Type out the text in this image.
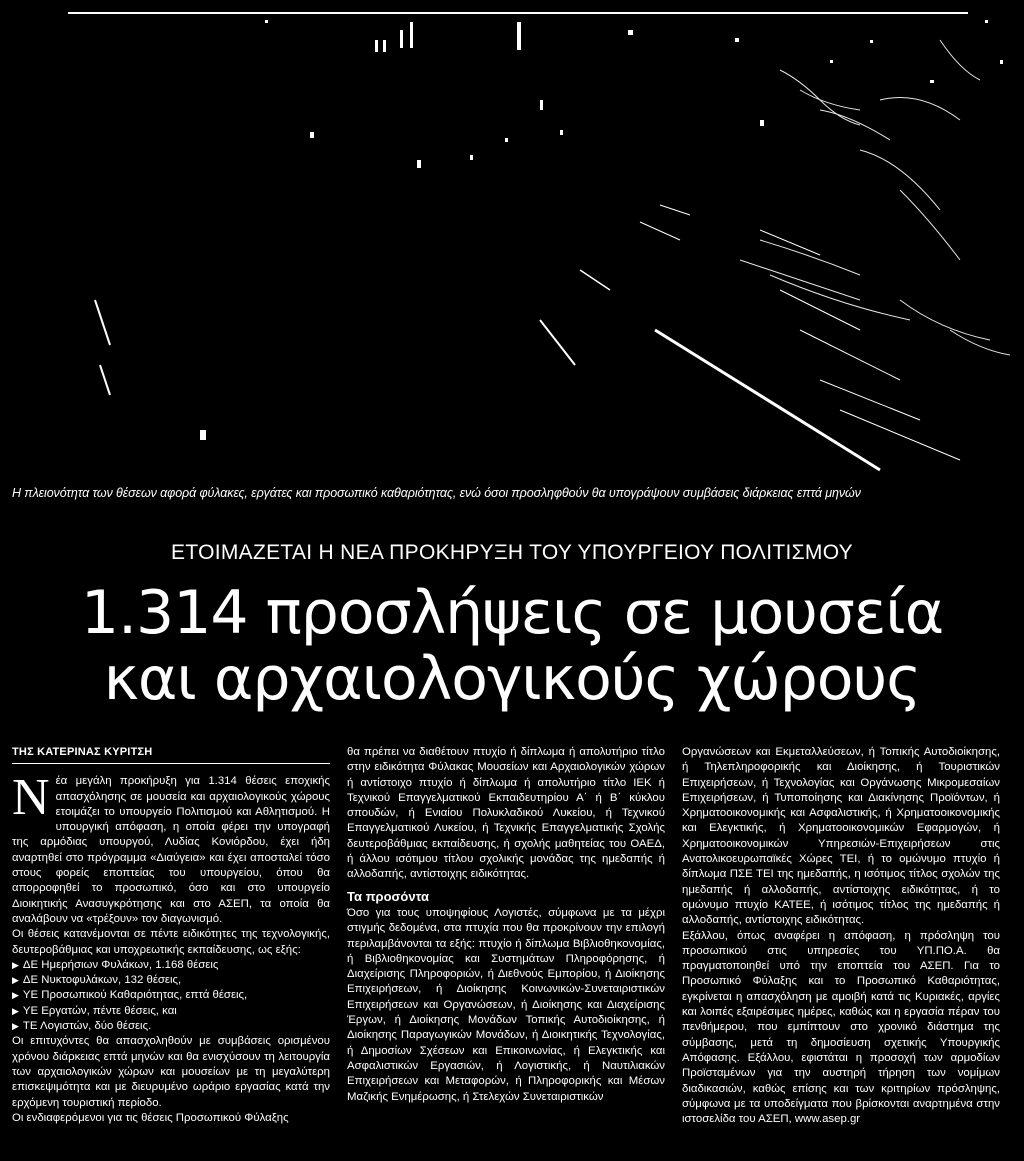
Η πλειονότητα των θέσεων αφορά φύλακες, εργάτες και προσωπικό καθαριότητας, ενώ όσοι προσληφθούν θα υπογράψουν συμβάσεις διάρκειας επτά μηνών
ΕΤΟΙΜΑΖΕΤΑΙ Η ΝΕΑ ΠΡΟΚΗΡΥΞΗ ΤΟΥ ΥΠΟΥΡΓΕΙΟΥ ΠΟΛΙΤΙΣΜΟΥ
1.314 προσλήψεις σε μουσεία
και αρχαιολογικούς χώρους
ΤΗΣ ΚΑΤΕΡΙΝΑΣ ΚΥΡΙΤΣΗ
Ν έα μεγάλη προκήρυξη για 1.314 θέσεις εποχικής απασχόλησης σε μουσεία και αρχαιολογικούς χώρους ετοιμάζει το υπουργείο Πολιτισμού και Αθλητισμού. Η υπουργική απόφαση, η οποία φέρει την υπογραφή της αρμόδιας υπουργού, Λυδίας Κονιόρδου, έχει ήδη αναρτηθεί στο πρόγραμμα «Διαύγεια» και έχει αποσταλεί τόσο στους φορείς εποπτείας του υπουργείου, όπου θα απορροφηθεί το προσωπικό, όσο και στο υπουργείο Διοικητικής Ανασυγκρότησης και στο ΑΣΕΠ, τα οποία θα αναλάβουν να «τρέξουν» τον διαγωνισμό.

Οι θέσεις κατανέμονται σε πέντε ειδικότητες της τεχνολογικής, δευτεροβάθμιας και υποχρεωτικής εκπαίδευσης, ως εξής:

▶ ΔΕ Ημερήσιων Φυλάκων, 1.168 θέσεις

▶ ΔΕ Νυκτοφυλάκων, 132 θέσεις,

▶ ΥΕ Προσωπικού Καθαριότητας, επτά θέσεις,

▶ ΥΕ Εργατών, πέντε θέσεις, και

▶ ΤΕ Λογιστών, δύο θέσεις.

Οι επιτυχόντες θα απασχοληθούν με συμβάσεις ορισμένου χρόνου διάρκειας επτά μηνών και θα ενισχύσουν τη λειτουργία των αρχαιολογικών χώρων και μουσείων με τη μεγαλύτερη επισκεψιμότητα και με διευρυμένο ωράριο εργασίας κατά την ερχόμενη τουριστική περίοδο.

Οι ενδιαφερόμενοι για τις θέσεις Προσωπικού Φύλαξης

θα πρέπει να διαθέτουν πτυχίο ή δίπλωμα ή απολυτήριο τίτλο στην ειδικότητα Φύλακας Μουσείων και Αρχαιολογικών χώρων ή αντίστοιχο πτυχίο ή δίπλωμα ή απολυτήριο τίτλο ΙΕΚ ή Τεχνικού Επαγγελματικού Εκπαιδευτηρίου Α΄ ή Β΄ κύκλου σπουδών, ή Ενιαίου Πολυκλαδικού Λυκείου, ή Τεχνικού Επαγγελματικού Λυκείου, ή Τεχνικής Επαγγελματικής Σχολής δευτεροβάθμιας εκπαίδευσης, ή σχολής μαθητείας του ΟΑΕΔ, ή άλλου ισότιμου τίτλου σχολικής μονάδας της ημεδαπής ή αλλοδαπής, αντίστοιχης ειδικότητας.

Τα προσόντα

Όσο για τους υποψηφίους Λογιστές, σύμφωνα με τα μέχρι στιγμής δεδομένα, στα πτυχία που θα προκρίνουν την επιλογή περιλαμβάνονται τα εξής: πτυχίο ή δίπλωμα Βιβλιοθηκονομίας, ή Βιβλιοθηκονομίας και Συστημάτων Πληροφόρησης, ή Διαχείρισης Πληροφοριών, ή Διεθνούς Εμπορίου, ή Διοίκησης Επιχειρήσεων, ή Διοίκησης Κοινωνικών-Συνεταιριστικών Επιχειρήσεων και Οργανώσεων, ή Διοίκησης και Διαχείρισης Έργων, ή Διοίκησης Μονάδων Τοπικής Αυτοδιοίκησης, ή Διοίκησης Παραγωγικών Μονάδων, ή Διοικητικής Τεχνολογίας, ή Δημοσίων Σχέσεων και Επικοινωνίας, ή Ελεγκτικής και Ασφαλιστικών Εργασιών, ή Λογιστικής, ή Ναυτιλιακών Επιχειρήσεων και Μεταφορών, ή Πληροφορικής και Μέσων Μαζικής Ενημέρωσης, ή Στελεχών Συνεταιριστικών

Οργανώσεων και Εκμεταλλεύσεων, ή Τοπικής Αυτοδιοίκησης, ή Τηλεπληροφορικής και Διοίκησης, ή Τουριστικών Επιχειρήσεων, ή Τεχνολογίας και Οργάνωσης Μικρομεσαίων Επιχειρήσεων, ή Τυποποίησης και Διακίνησης Προϊόντων, ή Χρηματοοικονομικής και Ασφαλιστικής, ή Χρηματοοικονομικής και Ελεγκτικής, ή Χρηματοοικονομικών Εφαρμογών, ή Χρηματοοικονομικών Υπηρεσιών-Επιχειρήσεων στις Ανατολικοευρωπαϊκές Χώρες ΤΕΙ, ή το ομώνυμο πτυχίο ή δίπλωμα ΠΣΕ ΤΕΙ της ημεδαπής, η ισότιμος τίτλος σχολών της ημεδαπής ή αλλοδαπής, αντίστοιχης ειδικότητας, ή το ομώνυμο πτυχίο ΚΑΤΕΕ, ή ισότιμος τίτλος της ημεδαπής ή αλλοδαπής, αντίστοιχης ειδικότητας.

Εξάλλου, όπως αναφέρει η απόφαση, η πρόσληψη του προσωπικού στις υπηρεσίες του ΥΠ.ΠΟ.Α. θα πραγματοποιηθεί υπό την εποπτεία του ΑΣΕΠ. Για το Προσωπικό Φύλαξης και το Προσωπικό Καθαριότητας, εγκρίνεται η απασχόληση με αμοιβή κατά τις Κυριακές, αργίες και λοιπές εξαιρέσιμες ημέρες, καθώς και η εργασία πέραν του πενθήμερου, που εμπίπτουν στο χρονικό διάστημα της σύμβασης, μετά τη δημοσίευση σχετικής Υπουργικής Απόφασης. Εξάλλου, εφιστάται η προσοχή των αρμοδίων Προϊσταμένων για την αυστηρή τήρηση των νομίμων διαδικασιών, καθώς επίσης και των κριτηρίων πρόσληψης, σύμφωνα με τα υποδείγματα που βρίσκονται αναρτημένα στην ιστοσελίδα του ΑΣΕΠ, www.asep.gr
